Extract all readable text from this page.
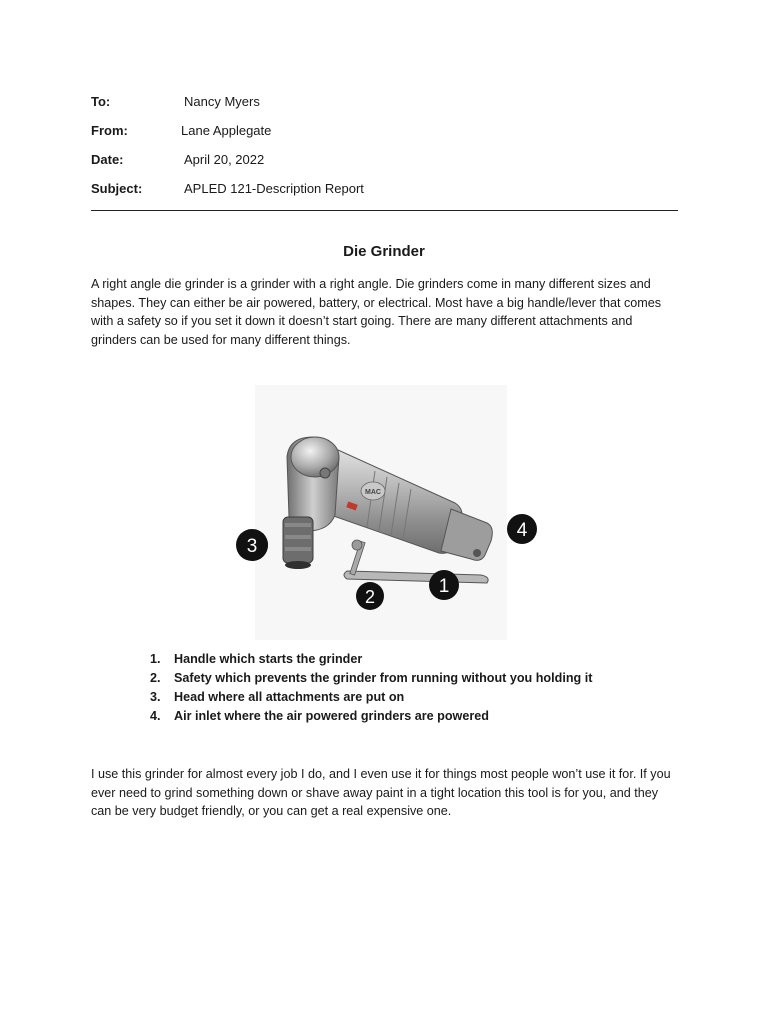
To:	Nancy Myers
From:	Lane Applegate
Date:	April 20, 2022
Subject:	APLED 121-Description Report
Die Grinder

A right angle die grinder is a grinder with a right angle. Die grinders come in many different sizes and shapes. They can either be air powered, battery, or electrical. Most have a big handle/lever that comes with a safety so if you set it down it doesn’t start going. There are many different attachments and grinders can be used for many different things.

MAC
1
2
3
4
1. Handle which starts the grinder
2. Safety which prevents the grinder from running without you holding it
3. Head where all attachments are put on
4. Air inlet where the air powered grinders are powered

I use this grinder for almost every job I do, and I even use it for things most people won’t use it for. If you ever need to grind something down or shave away paint in a tight location this tool is for you, and they can be very budget friendly, or you can get a real expensive one.
